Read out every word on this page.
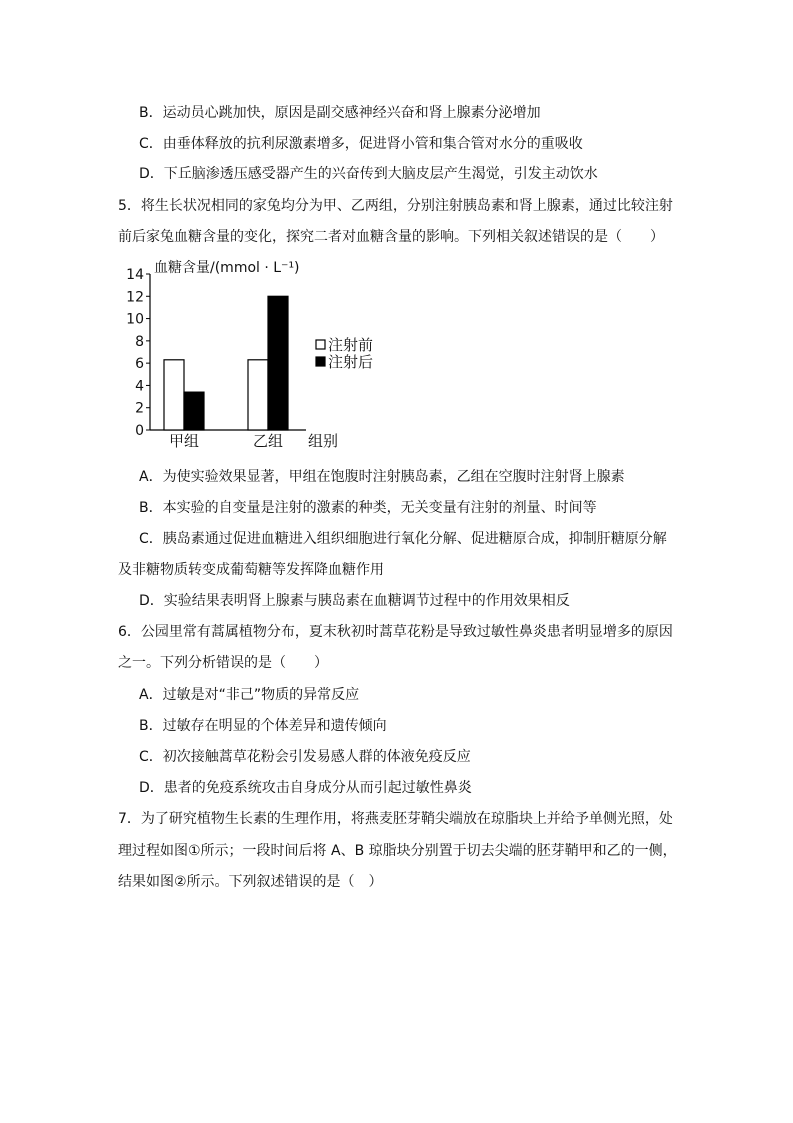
B．运动员心跳加快，原因是副交感神经兴奋和肾上腺素分泌增加
C．由垂体释放的抗利尿激素增多，促进肾小管和集合管对水分的重吸收
D．下丘脑渗透压感受器产生的兴奋传到大脑皮层产生渴觉，引发主动饮水
5．将生长状况相同的家兔均分为甲、乙两组，分别注射胰岛素和肾上腺素，通过比较注射
前后家兔血糖含量的变化，探究二者对血糖含量的影响。下列相关叙述错误的是（　　）
血糖含量/(mmol · L⁻¹)
0
2
4
6
8
10
12
14
甲组	乙组 组别
注射前
注射后
A．为使实验效果显著，甲组在饱腹时注射胰岛素，乙组在空腹时注射肾上腺素
B．本实验的自变量是注射的激素的种类，无关变量有注射的剂量、时间等
C．胰岛素通过促进血糖进入组织细胞进行氧化分解、促进糖原合成，抑制肝糖原分解
及非糖物质转变成葡萄糖等发挥降血糖作用
D．实验结果表明肾上腺素与胰岛素在血糖调节过程中的作用效果相反
6．公园里常有蒿属植物分布，夏末秋初时蒿草花粉是导致过敏性鼻炎患者明显增多的原因
之一。下列分析错误的是（　　）
A．过敏是对“非己”物质的异常反应
B．过敏存在明显的个体差异和遗传倾向
C．初次接触蒿草花粉会引发易感人群的体液免疫反应
D．患者的免疫系统攻击自身成分从而引起过敏性鼻炎
7．为了研究植物生长素的生理作用，将燕麦胚芽鞘尖端放在琼脂块上并给予单侧光照，处
理过程如图①所示；一段时间后将 A、B 琼脂块分别置于切去尖端的胚芽鞘甲和乙的一侧，
结果如图②所示。下列叙述错误的是（　）
